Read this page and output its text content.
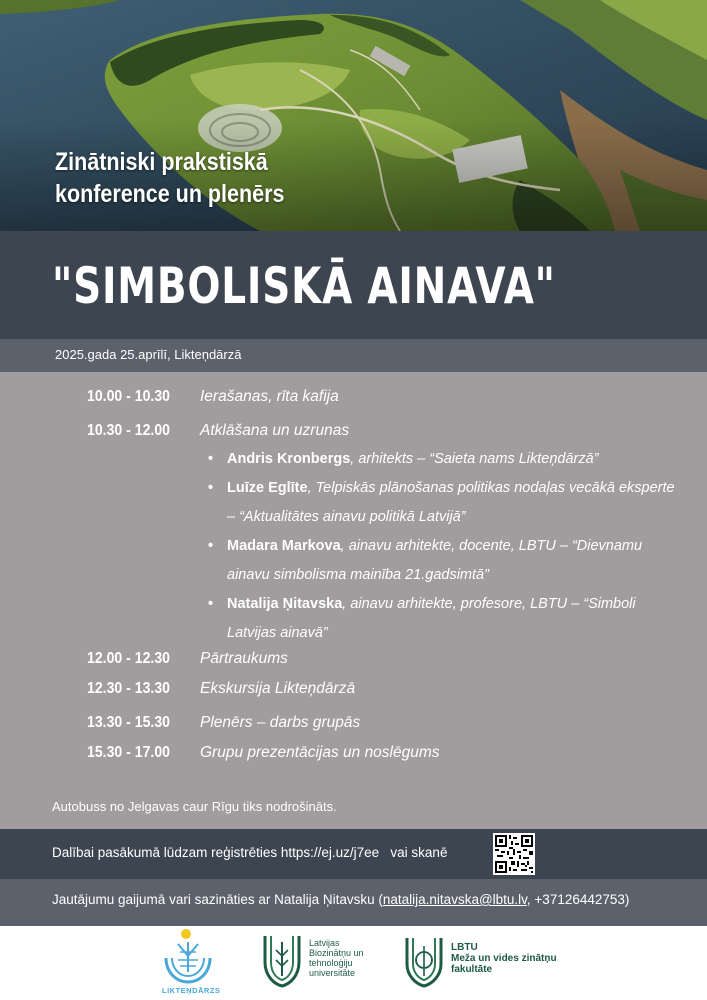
Zinātniski prakstiskā
konference un plenērs
"SIMBOLISKĀ AINAVA"
2025.gada 25.aprīlī, Likteņdārzā
10.00 - 10.30 Ierašanas, rīta kafija
10.30 - 12.00 Atklāšana un uzrunas
• Andris Kronbergs, arhitekts – “Saieta nams Likteņdārzā”
• Luīze Eglīte, Telpiskās plānošanas politikas nodaļas vecākā eksperte – “Aktualitātes ainavu politikā Latvijā”
• Madara Markova, ainavu arhitekte, docente, LBTU – “Dievnamu ainavu simbolisma mainība 21.gadsimtā”
• Natalija Ņitavska, ainavu arhitekte, profesore, LBTU – “Simboli Latvijas ainavā”
12.00 - 12.30 Pārtraukums
12.30 - 13.30 Ekskursija Likteņdārzā
13.30 - 15.30 Plenērs – darbs grupās
15.30 - 17.00 Grupu prezentācijas un noslēgums
Autobuss no Jelgavas caur Rīgu tiks nodrošināts.
Dalībai pasākumā lūdzam reģistrēties https://ej.uz/j7ee   vai skanē
Jautājumu gaijumā vari sazināties ar Natalija Ņitavsku (natalija.nitavska@lbtu.lv, +37126442753)
LIKTEŅDĀRZS
Latvijas
Biozinātņu un
tehnoloģiju
universitāte
LBTU
Meža un vides zinātņu
fakultāte
